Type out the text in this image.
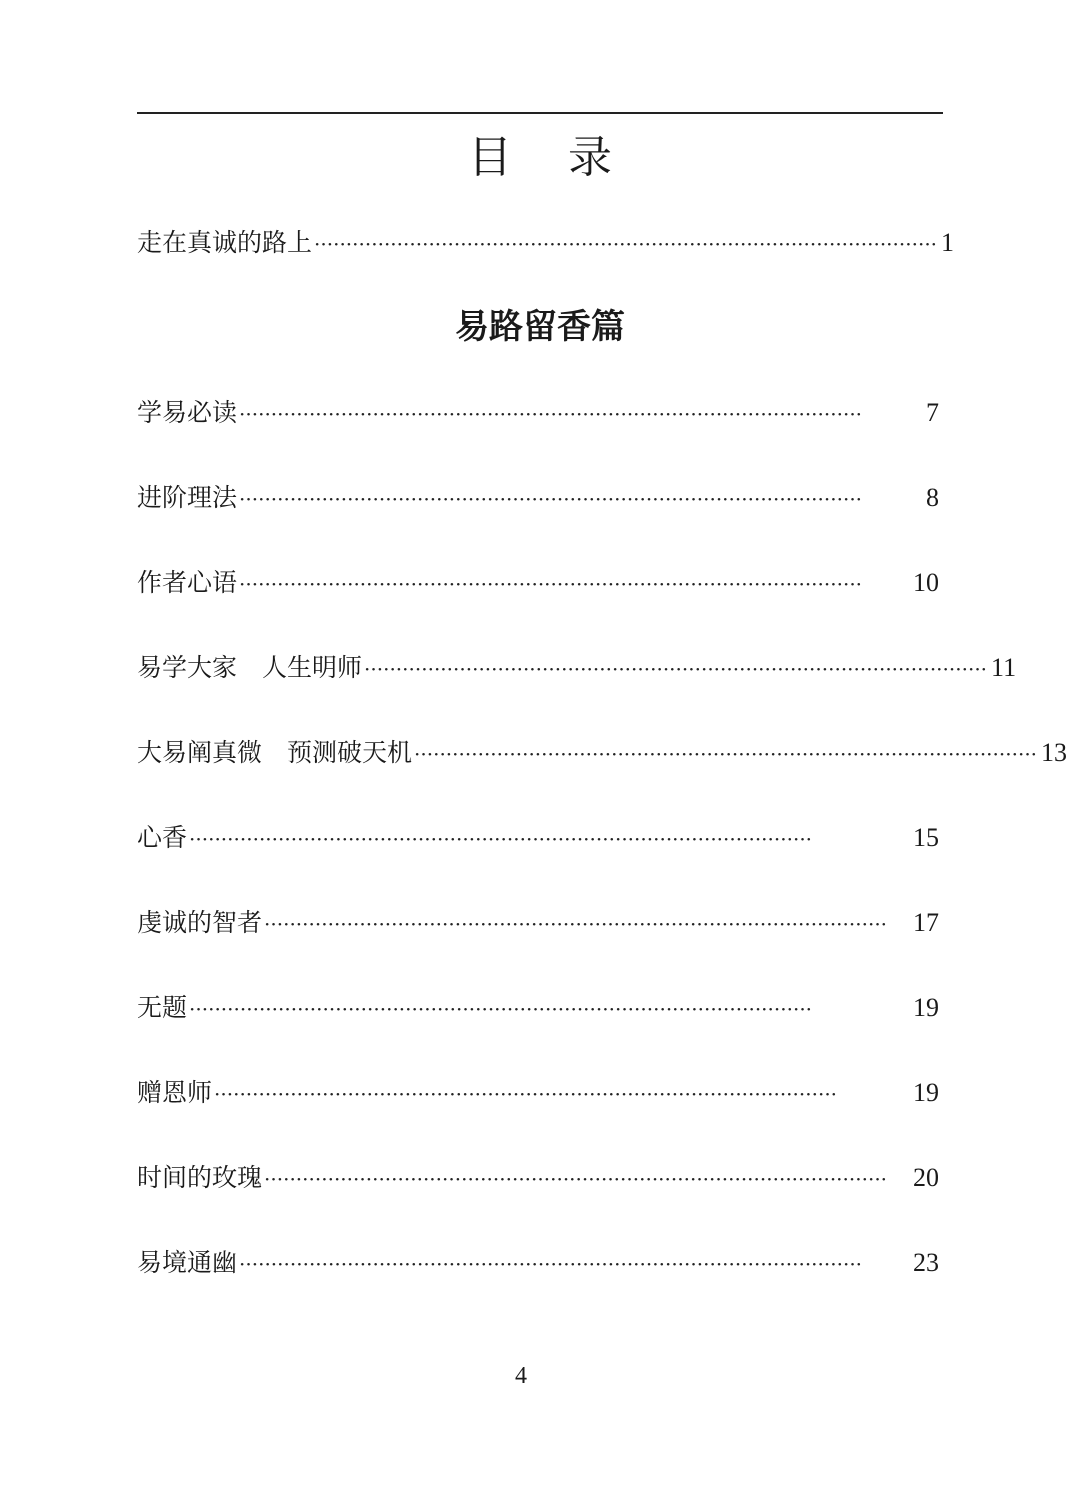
目    录
走在真诚的路上 ·································································································· 1
易路留香篇
学易必读 ··································································································	7
进阶理法 ··································································································	8
作者心语 ··································································································	10
易学大家　人生明师 ·································································································· 11
大易阐真微　预测破天机 ·································································································· 13
心香 ··································································································	15
虔诚的智者 ·································································································· 17
无题 ··································································································	19
赠恩师 ··································································································	19
时间的玫瑰 ·································································································· 20
易境通幽 ··································································································	23
4
